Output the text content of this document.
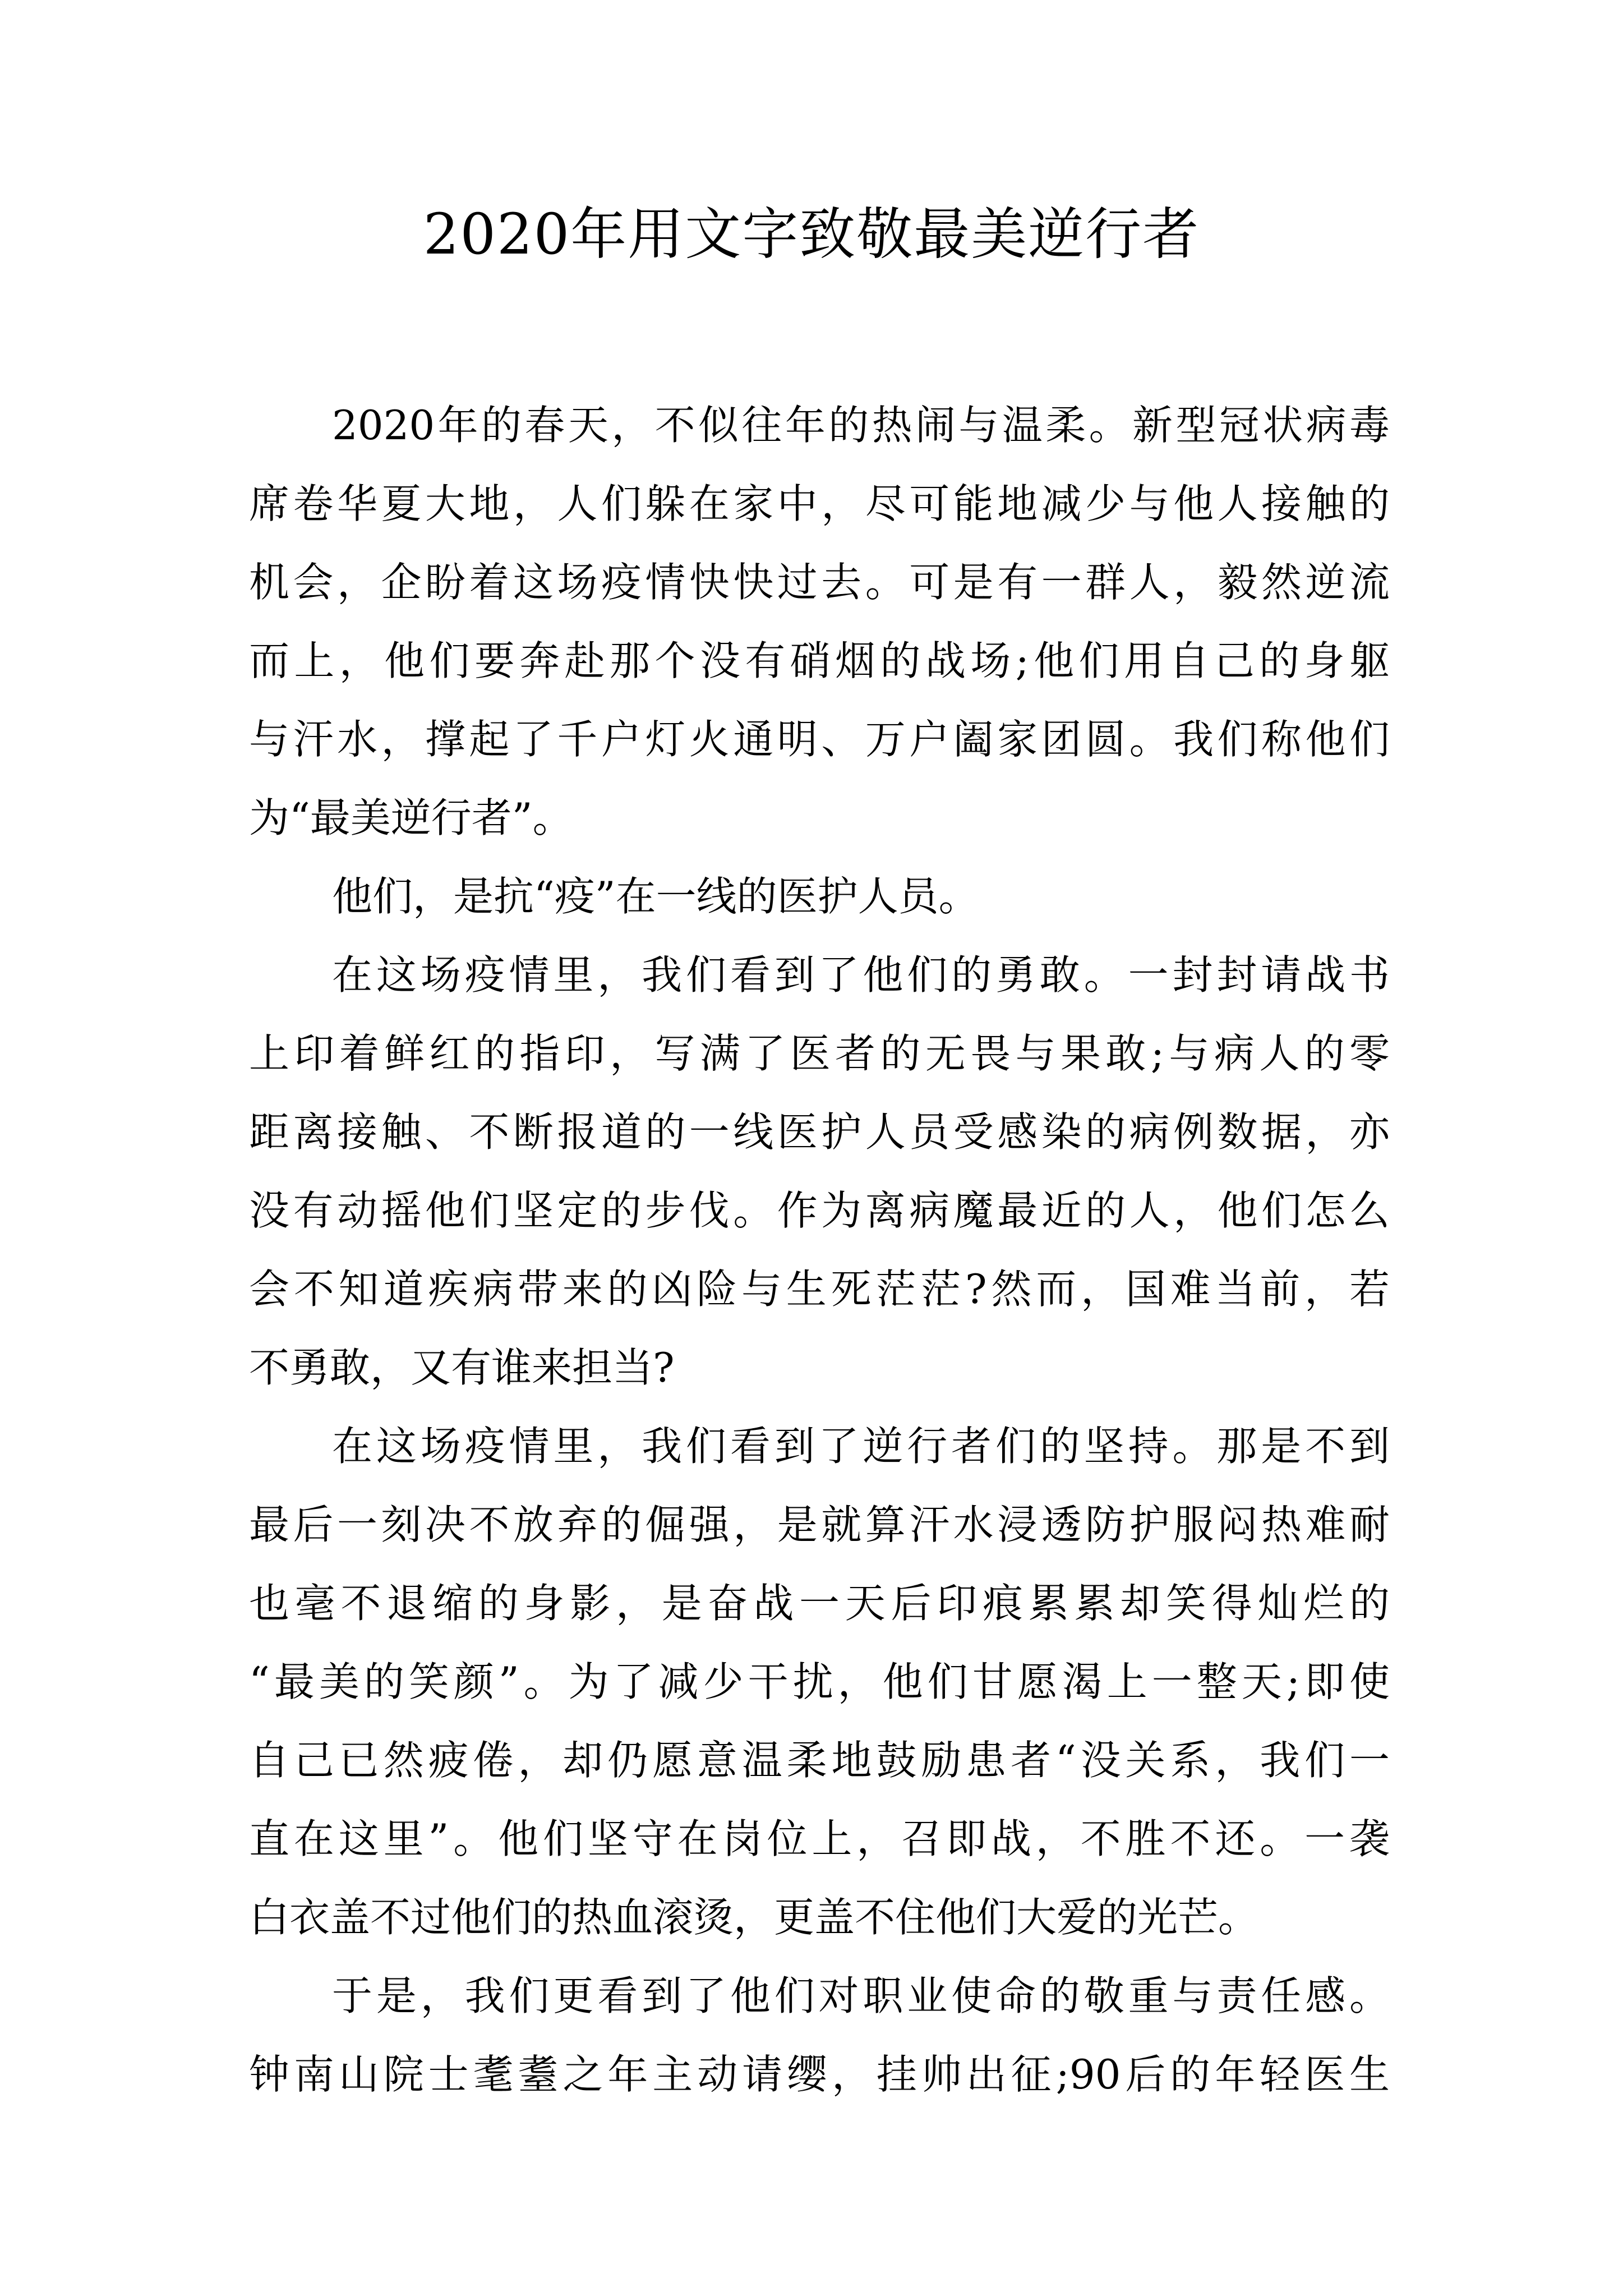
2020年用文字致敬最美逆行者
2020年的春天，不似往年的热闹与温柔。新型冠状病毒
席卷华夏大地，人们躲在家中，尽可能地减少与他人接触的
机会，企盼着这场疫情快快过去。可是有一群人，毅然逆流
而上，他们要奔赴那个没有硝烟的战场;他们用自己的身躯
与汗水，撑起了千户灯火通明、万户阖家团圆。我们称他们
为“最美逆行者”。
他们，是抗“疫”在一线的医护人员。
在这场疫情里，我们看到了他们的勇敢。一封封请战书
上印着鲜红的指印，写满了医者的无畏与果敢;与病人的零
距离接触、不断报道的一线医护人员受感染的病例数据，亦
没有动摇他们坚定的步伐。作为离病魔最近的人，他们怎么
会不知道疾病带来的凶险与生死茫茫?然而，国难当前，若
不勇敢，又有谁来担当?
在这场疫情里，我们看到了逆行者们的坚持。那是不到
最后一刻决不放弃的倔强，是就算汗水浸透防护服闷热难耐
也毫不退缩的身影，是奋战一天后印痕累累却笑得灿烂的
“最美的笑颜”。为了减少干扰，他们甘愿渴上一整天;即使
自己已然疲倦，却仍愿意温柔地鼓励患者“没关系，我们一
直在这里”。他们坚守在岗位上，召即战，不胜不还。一袭
白衣盖不过他们的热血滚烫，更盖不住他们大爱的光芒。
于是，我们更看到了他们对职业使命的敬重与责任感。
钟南山院士耄耋之年主动请缨，挂帅出征;90后的年轻医生
